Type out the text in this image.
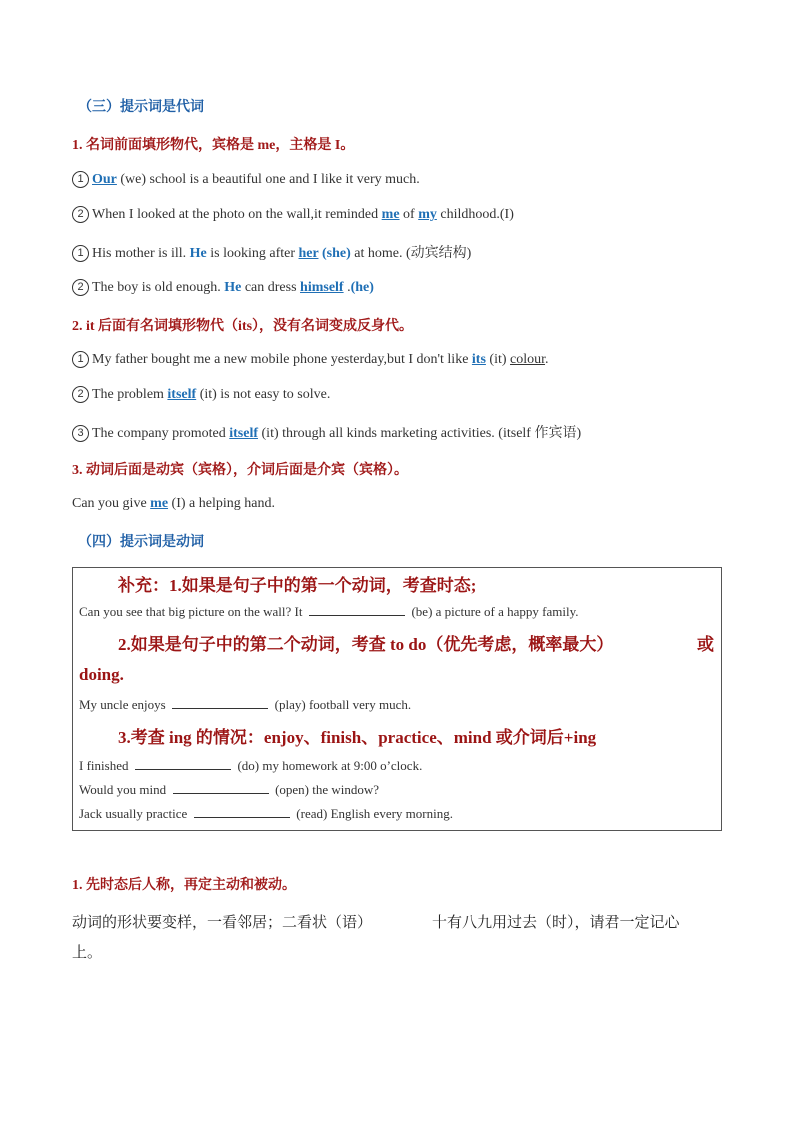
（三）提示词是代词
1. 名词前面填形物代，宾格是 me，主格是 I。
1 Our (we) school is a beautiful one and I like it very much.
2 When I looked at the photo on the wall,it reminded me of my childhood.(I)
1 His mother is ill. He is looking after her (she) at home. (动宾结构)
2 The boy is old enough. He can dress himself .(he)
2. it 后面有名词填形物代（its），没有名词变成反身代。
1 My father bought me a new mobile phone yesterday,but I don't like its (it) colour.
2 The problem itself (it) is not easy to solve.
3 The company promoted itself (it) through all kinds marketing activities. (itself 作宾语)
3. 动词后面是动宾（宾格），介词后面是介宾（宾格）。
Can you give me (I) a helping hand.
（四）提示词是动词
补充：1.如果是句子中的第一个动词，考查时态;
Can you see that big picture on the wall? It	(be) a picture of a happy family.
2.如果是句子中的第二个动词，考查 to do（优先考虑，概率最大）	或
doing.
My uncle enjoys	(play) football very much.
3.考查 ing 的情况：enjoy、finish、practice、mind 或介词后+ing
I finished	(do) my homework at 9:00 o’clock.
Would you mind	(open) the window?
Jack usually practice	(read) English every morning.
1. 先时态后人称，再定主动和被动。
动词的形状要变样，一看邻居；二看状（语）	十有八九用过去（时），请君一定记心
上。
